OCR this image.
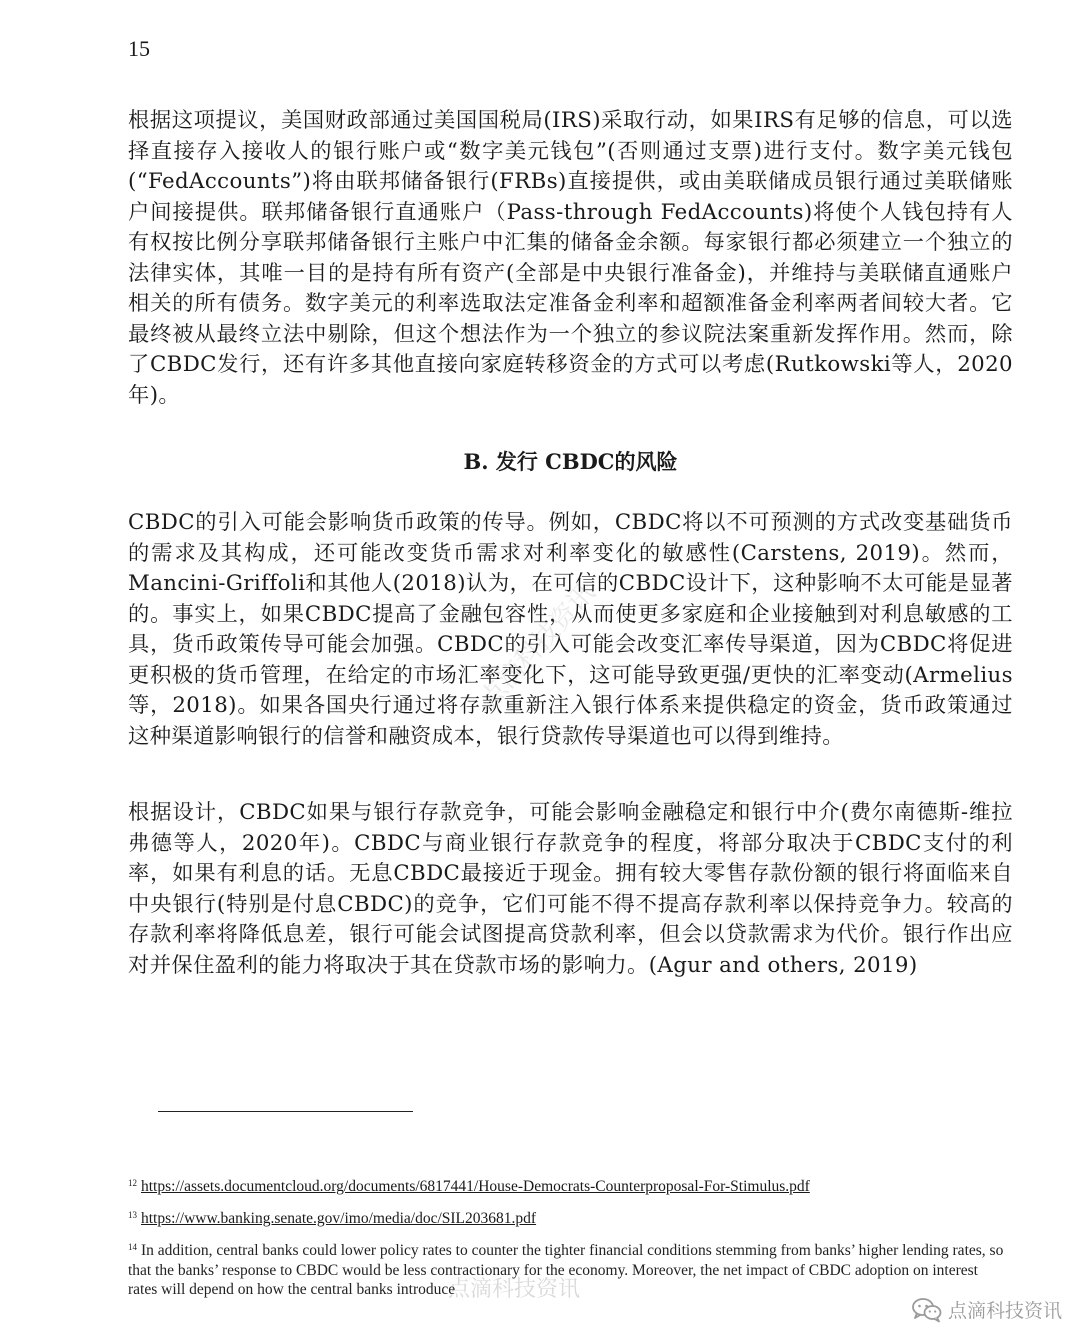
15

根据这项提议，美国财政部通过美国国税局(IRS)采取行动，如果IRS有足够的信息，可以选择直接存入接收人的银行账户或“数字美元钱包”(否则通过支票)进行支付。数字美元钱包(“FedAccounts”)将由联邦储备银行(FRBs)直接提供，或由美联储成员银行通过美联储账户间接提供。联邦储备银行直通账户（Pass-through FedAccounts)将使个人钱包持有人有权按比例分享联邦储备银行主账户中汇集的储备金余额。每家银行都必须建立一个独立的法律实体，其唯一目的是持有所有资产(全部是中央银行准备金)，并维持与美联储直通账户相关的所有债务。数字美元的利率选取法定准备金利率和超额准备金利率两者间较大者。它最终被从最终立法中剔除，但这个想法作为一个独立的参议院法案重新发挥作用。然而，除了CBDC发行，还有许多其他直接向家庭转移资金的方式可以考虑(Rutkowski等人，2020年)。

B. 发行 CBDC的风险

CBDC的引入可能会影响货币政策的传导。例如，CBDC将以不可预测的方式改变基础货币的需求及其构成，还可能改变货币需求对利率变化的敏感性(Carstens, 2019)。然而，Mancini-Griffoli和其他人(2018)认为，在可信的CBDC设计下，这种影响不太可能是显著的。事实上，如果CBDC提高了金融包容性，从而使更多家庭和企业接触到对利息敏感的工具，货币政策传导可能会加强。CBDC的引入可能会改变汇率传导渠道，因为CBDC将促进更积极的货币管理，在给定的市场汇率变化下，这可能导致更强/更快的汇率变动(Armelius等，2018)。如果各国央行通过将存款重新注入银行体系来提供稳定的资金，货币政策通过这种渠道影响银行的信誉和融资成本，银行贷款传导渠道也可以得到维持。

根据设计，CBDC如果与银行存款竞争，可能会影响金融稳定和银行中介(费尔南德斯-维拉弗德等人，2020年)。CBDC与商业银行存款竞争的程度，将部分取决于CBDC支付的利率，如果有利息的话。无息CBDC最接近于现金。拥有较大零售存款份额的银行将面临来自中央银行(特别是付息CBDC)的竞争，它们可能不得不提高存款利率以保持竞争力。较高的存款利率将降低息差，银行可能会试图提高贷款利率，但会以贷款需求为代价。银行作出应对并保住盈利的能力将取决于其在贷款市场的影响力。(Agur and others, 2019)

点滴科技资讯

$^{12}$ https://assets.documentcloud.org/documents/6817441/House-Democrats-Counterproposal-For-Stimulus.pdf

$^{13}$ https://www.banking.senate.gov/imo/media/doc/SIL203681.pdf

$^{14}$ In addition, central banks could lower policy rates to counter the tighter financial conditions stemming from banks’ higher lending rates, so that the banks’ response to CBDC would be less contractionary for the economy. Moreover, the net impact of CBDC adoption on interest rates will depend on how the central banks introduce

点滴科技资讯
点滴科技资讯
